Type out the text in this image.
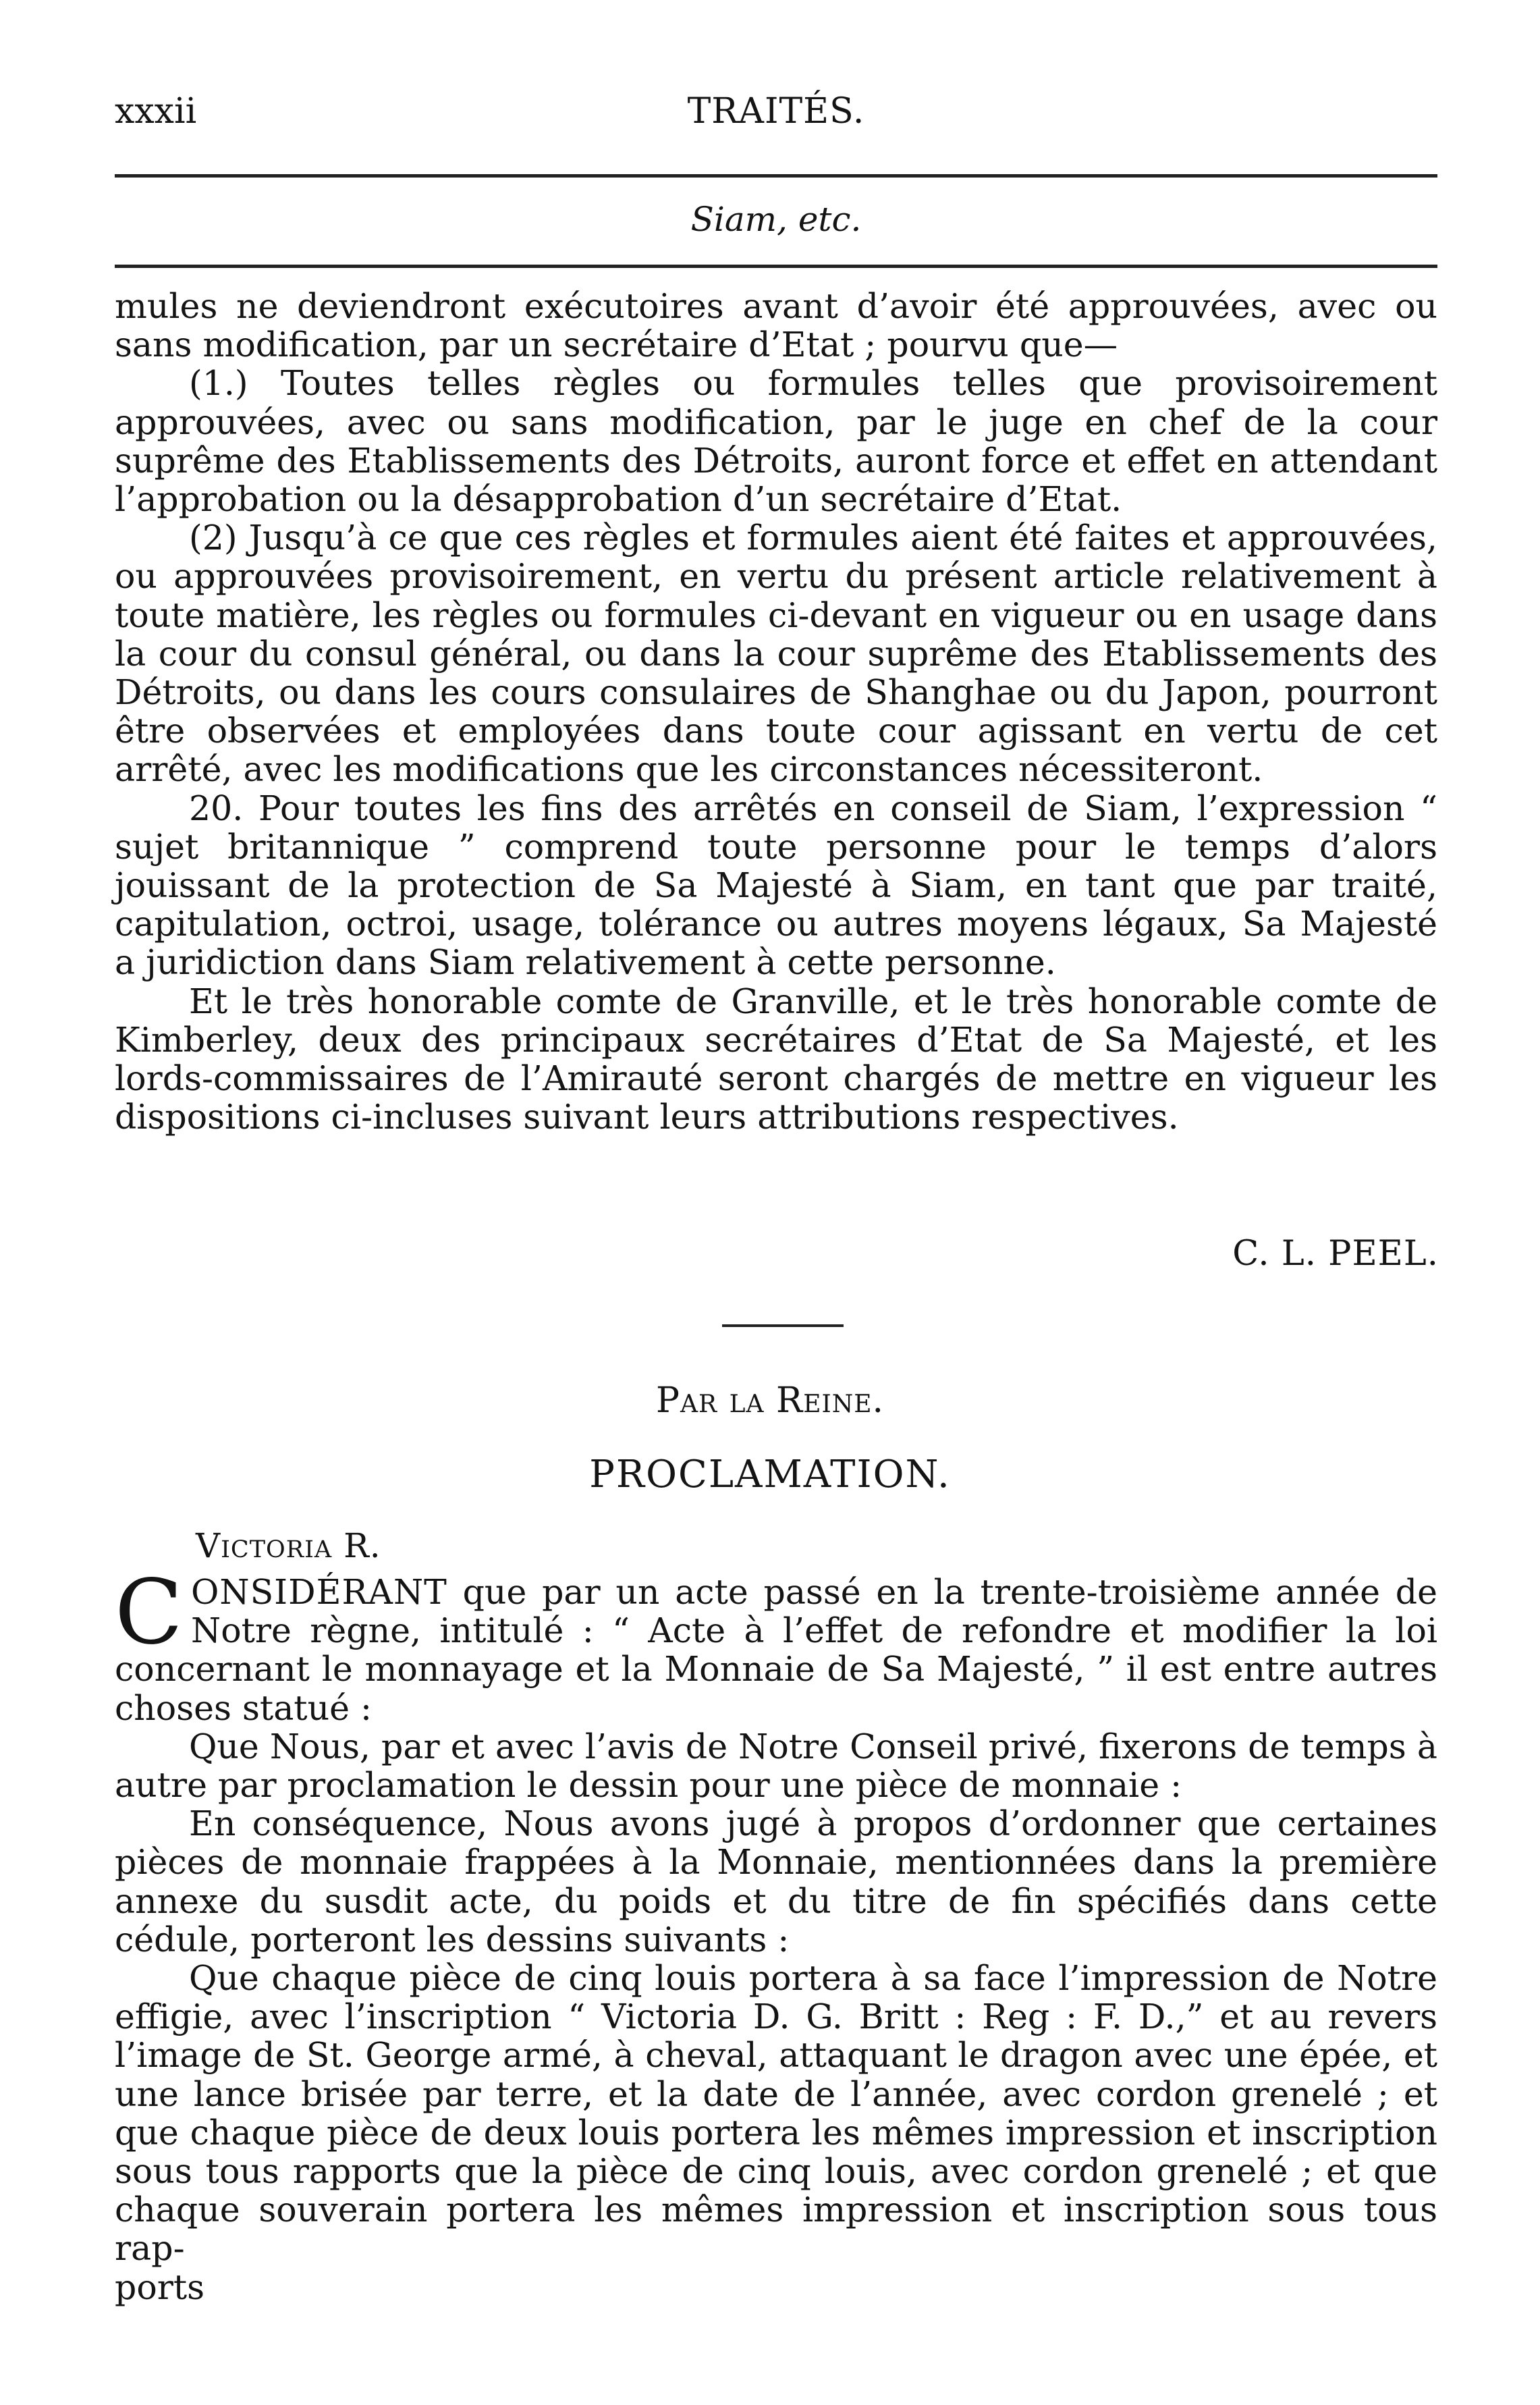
xxxii	TRAITÉS.
Siam, etc.

mules ne deviendront exécutoires avant d’avoir été approuvées, avec ou sans modification, par un secrétaire d’Etat ; pourvu que—

(1.) Toutes telles règles ou formules telles que provisoirement approuvées, avec ou sans modification, par le juge en chef de la cour suprême des Etablissements des Détroits, auront force et effet en attendant l’approbation ou la désapprobation d’un secrétaire d’Etat.

(2) Jusqu’à ce que ces règles et formules aient été faites et approuvées, ou approuvées provisoirement, en vertu du présent article relativement à toute matière, les règles ou formules ci-devant en vigueur ou en usage dans la cour du consul général, ou dans la cour suprême des Etablissements des Détroits, ou dans les cours consulaires de Shanghae ou du Japon, pourront être observées et employées dans toute cour agissant en vertu de cet arrêté, avec les modifications que les circonstances nécessiteront.

20. Pour toutes les fins des arrêtés en conseil de Siam, l’expression “ sujet britannique ” comprend toute personne pour le temps d’alors jouissant de la protection de Sa Majesté à Siam, en tant que par traité, capitulation, octroi, usage, tolérance ou autres moyens légaux, Sa Majesté a juridiction dans Siam relativement à cette personne.

Et le très honorable comte de Granville, et le très honorable comte de Kimberley, deux des principaux secrétaires d’Etat de Sa Majesté, et les lords-commissaires de l’Amirauté seront chargés de mettre en vigueur les dispositions ci-incluses suivant leurs attributions respectives.

C. L. PEEL.
Par la Reine.
PROCLAMATION.
Victoria R.

CONSIDÉRANT que par un acte passé en la trente-troisième année de Notre règne, intitulé : “ Acte à l’effet de refondre et modifier la loi concernant le monnayage et la Monnaie de Sa Majesté, ” il est entre autres choses statué :

Que Nous, par et avec l’avis de Notre Conseil privé, fixerons de temps à autre par proclamation le dessin pour une pièce de monnaie :

En conséquence, Nous avons jugé à propos d’ordonner que certaines pièces de monnaie frappées à la Monnaie, mentionnées dans la première annexe du susdit acte, du poids et du titre de fin spécifiés dans cette cédule, porteront les dessins suivants :

Que chaque pièce de cinq louis portera à sa face l’impression de Notre effigie, avec l’inscription “ Victoria D. G. Britt : Reg : F. D.,” et au revers l’image de St. George armé, à cheval, attaquant le dragon avec une épée, et une lance brisée par terre, et la date de l’année, avec cordon grenelé ; et que chaque pièce de deux louis portera les mêmes impression et inscription sous tous rapports que la pièce de cinq louis, avec cordon grenelé ; et que chaque souverain portera les mêmes impression et inscription sous tous rap-

ports
